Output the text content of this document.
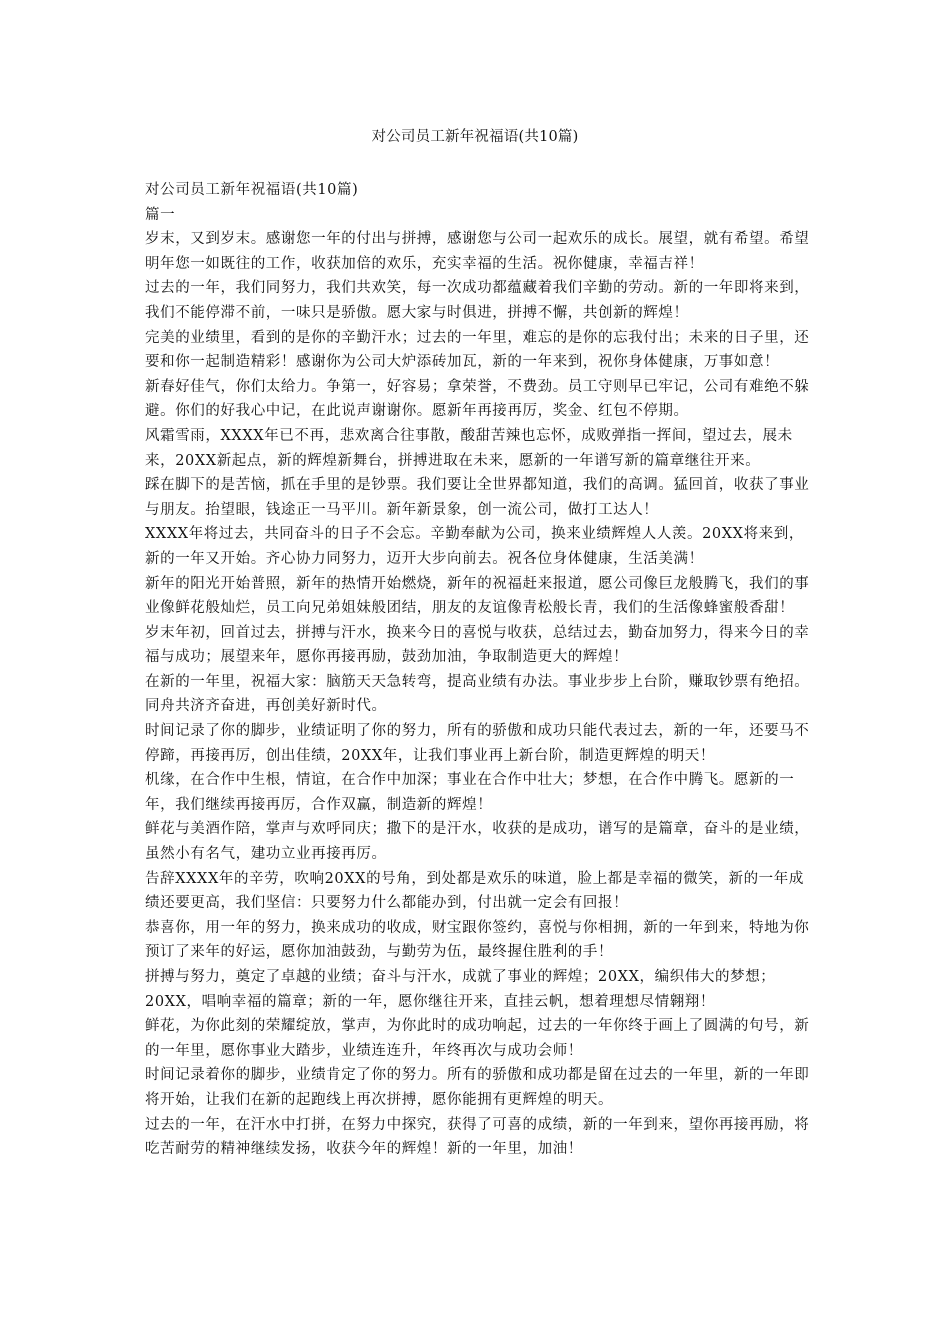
对公司员工新年祝福语(共10篇)

对公司员工新年祝福语(共10篇)

篇一

岁末，又到岁末。感谢您一年的付出与拼搏，感谢您与公司一起欢乐的成长。展望，就有希望。希望明年您一如既往的工作，收获加倍的欢乐，充实幸福的生活。祝你健康，幸福吉祥！

过去的一年，我们同努力，我们共欢笑，每一次成功都蕴藏着我们辛勤的劳动。新的一年即将来到，我们不能停滞不前，一味只是骄傲。愿大家与时俱进，拼搏不懈，共创新的辉煌！

完美的业绩里，看到的是你的辛勤汗水；过去的一年里，难忘的是你的忘我付出；未来的日子里，还要和你一起制造精彩！感谢你为公司大炉添砖加瓦，新的一年来到，祝你身体健康，万事如意！

新春好佳气，你们太给力。争第一，好容易；拿荣誉，不费劲。员工守则早已牢记，公司有难绝不躲避。你们的好我心中记，在此说声谢谢你。愿新年再接再厉，奖金、红包不停期。

风霜雪雨，XXXX年已不再，悲欢离合往事散，酸甜苦辣也忘怀，成败弹指一挥间，望过去，展未来，20XX新起点，新的辉煌新舞台，拼搏进取在未来，愿新的一年谱写新的篇章继往开来。

踩在脚下的是苦恼，抓在手里的是钞票。我们要让全世界都知道，我们的高调。猛回首，收获了事业与朋友。抬望眼，钱途正一马平川。新年新景象，创一流公司，做打工达人！

XXXX年将过去，共同奋斗的日子不会忘。辛勤奉献为公司，换来业绩辉煌人人羡。20XX将来到，新的一年又开始。齐心协力同努力，迈开大步向前去。祝各位身体健康，生活美满！

新年的阳光开始普照，新年的热情开始燃烧，新年的祝福赶来报道，愿公司像巨龙般腾飞，我们的事业像鲜花般灿烂，员工向兄弟姐妹般团结，朋友的友谊像青松般长青，我们的生活像蜂蜜般香甜！

岁末年初，回首过去，拼搏与汗水，换来今日的喜悦与收获，总结过去，勤奋加努力，得来今日的幸福与成功；展望来年，愿你再接再励，鼓劲加油，争取制造更大的辉煌！

在新的一年里，祝福大家：脑筋天天急转弯，提高业绩有办法。事业步步上台阶，赚取钞票有绝招。同舟共济齐奋进，再创美好新时代。

时间记录了你的脚步，业绩证明了你的努力，所有的骄傲和成功只能代表过去，新的一年，还要马不停蹄，再接再厉，创出佳绩，20XX年，让我们事业再上新台阶，制造更辉煌的明天！

机缘，在合作中生根，情谊，在合作中加深；事业在合作中壮大；梦想，在合作中腾飞。愿新的一年，我们继续再接再厉，合作双赢，制造新的辉煌！

鲜花与美酒作陪，掌声与欢呼同庆；撒下的是汗水，收获的是成功，谱写的是篇章，奋斗的是业绩，虽然小有名气，建功立业再接再厉。

告辞XXXX年的辛劳，吹响20XX的号角，到处都是欢乐的味道，脸上都是幸福的微笑，新的一年成绩还要更高，我们坚信：只要努力什么都能办到，付出就一定会有回报！

恭喜你，用一年的努力，换来成功的收成，财宝跟你签约，喜悦与你相拥，新的一年到来，特地为你预订了来年的好运，愿你加油鼓劲，与勤劳为伍，最终握住胜利的手！

拼搏与努力，奠定了卓越的业绩；奋斗与汗水，成就了事业的辉煌；20XX，编织伟大的梦想；20XX，唱响幸福的篇章；新的一年，愿你继往开来，直挂云帆，想着理想尽情翱翔！

鲜花，为你此刻的荣耀绽放，掌声，为你此时的成功响起，过去的一年你终于画上了圆满的句号，新的一年里，愿你事业大踏步，业绩连连升，年终再次与成功会师！

时间记录着你的脚步，业绩肯定了你的努力。所有的骄傲和成功都是留在过去的一年里，新的一年即将开始，让我们在新的起跑线上再次拼搏，愿你能拥有更辉煌的明天。

过去的一年，在汗水中打拼，在努力中探究，获得了可喜的成绩，新的一年到来，望你再接再励，将吃苦耐劳的精神继续发扬，收获今年的辉煌！新的一年里，加油！
